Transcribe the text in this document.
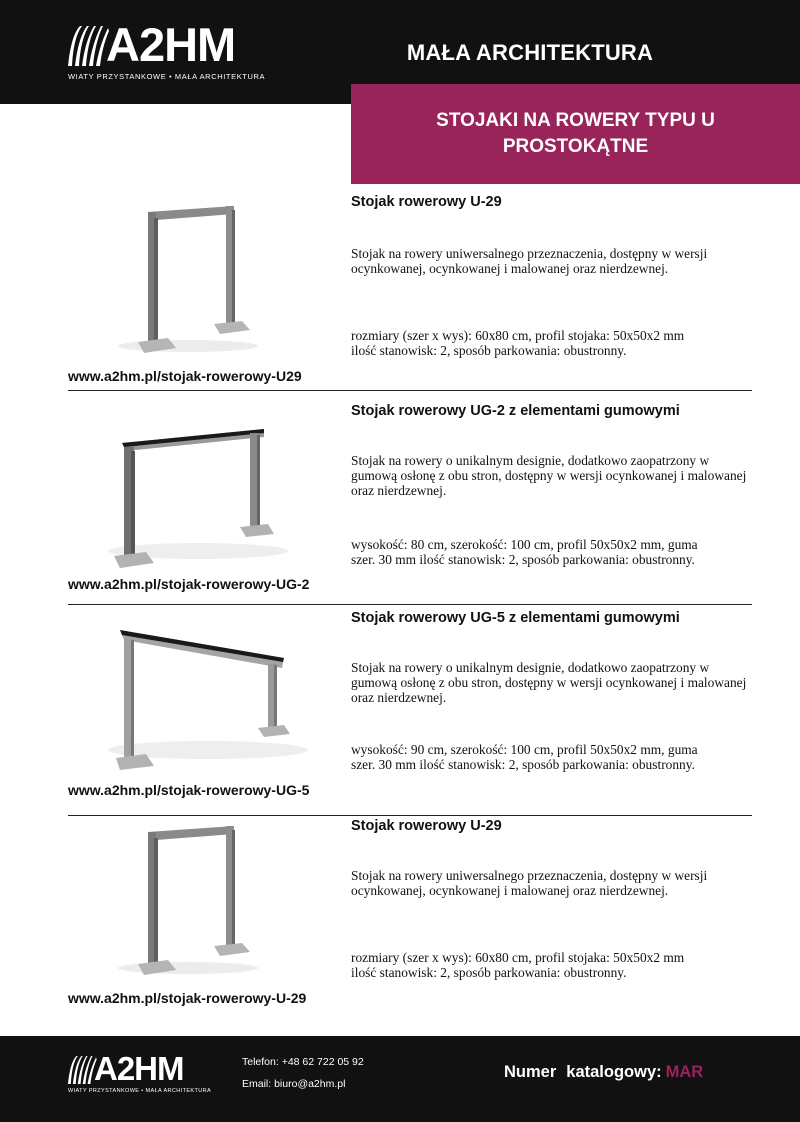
A2HM
WIATY PRZYSTANKOWE • MAŁA ARCHITEKTURA
MAŁA ARCHITEKTURA
STOJAKI NA ROWERY TYPU U PROSTOKĄTNE
Stojak rowerowy U-29
Stojak na rowery uniwersalnego przeznaczenia, dostępny w wersji ocynkowanej, ocynkowanej i malowanej oraz nierdzewnej.
rozmiary (szer x wys): 60x80 cm, profil stojaka: 50x50x2 mm
ilość stanowisk: 2, sposób parkowania: obustronny.
www.a2hm.pl/stojak-rowerowy-U29
Stojak rowerowy UG-2 z elementami gumowymi
Stojak na rowery o unikalnym designie, dodatkowo zaopatrzony w gumową osłonę z obu stron, dostępny w wersji ocynkowanej i malowanej oraz nierdzewnej.
wysokość: 80 cm, szerokość: 100 cm, profil 50x50x2 mm, guma
szer. 30 mm ilość stanowisk: 2, sposób parkowania: obustronny.
www.a2hm.pl/stojak-rowerowy-UG-2
Stojak rowerowy UG-5 z elementami gumowymi
Stojak na rowery o unikalnym designie, dodatkowo zaopatrzony w gumową osłonę z obu stron, dostępny w wersji ocynkowanej i malowanej oraz nierdzewnej.
wysokość: 90 cm, szerokość: 100 cm, profil 50x50x2 mm, guma
szer. 30 mm ilość stanowisk: 2, sposób parkowania: obustronny.
www.a2hm.pl/stojak-rowerowy-UG-5
Stojak rowerowy U-29
Stojak na rowery uniwersalnego przeznaczenia, dostępny w wersji ocynkowanej, ocynkowanej i malowanej oraz nierdzewnej.
rozmiary (szer x wys): 60x80 cm, profil stojaka: 50x50x2 mm
ilość stanowisk: 2, sposób parkowania: obustronny.
www.a2hm.pl/stojak-rowerowy-U-29
A2HM
WIATY PRZYSTANKOWE • MAŁA ARCHITEKTURA
Telefon: +48 62 722 05 92
Email: biuro@a2hm.pl
Numer katalogowy: MAR
